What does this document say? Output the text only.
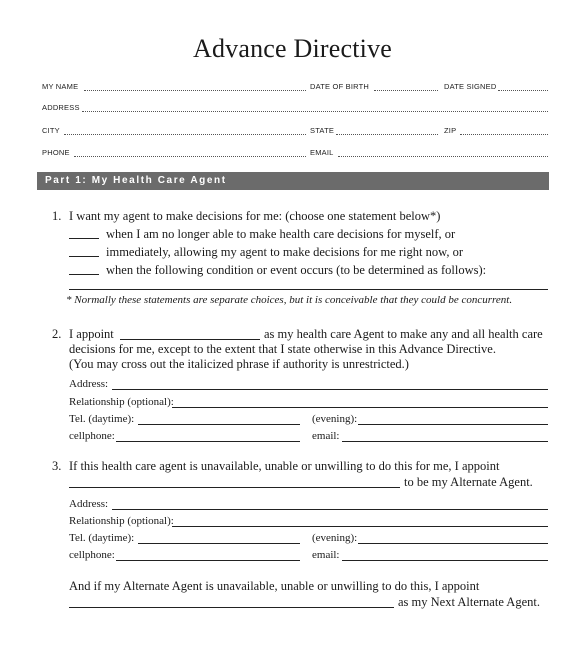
Advance Directive
MY NAME	DATE OF BIRTH	DATE SIGNED
ADDRESS
CITY	STATE	ZIP
PHONE	EMAIL
Part 1: My Health Care Agent
1. I want my agent to make decisions for me: (choose one statement below*)
when I am no longer able to make health care decisions for myself, or
immediately, allowing my agent to make decisions for me right now, or
when the following condition or event occurs (to be determined as follows):
* Normally these statements are separate choices, but it is conceivable that they could be concurrent.
2. I appoint	as my health care Agent to make any and all health care
decisions for me, except to the extent that I state otherwise in this Advance Directive.
(You may cross out the italicized phrase if authority is unrestricted.)
Address:
Relationship (optional):
Tel. (daytime):	(evening):
cellphone:	email:
3. If this health care agent is unavailable, unable or unwilling to do this for me, I appoint
to be my Alternate Agent.
Address:
Relationship (optional):
Tel. (daytime):	(evening):
cellphone:	email:
And if my Alternate Agent is unavailable, unable or unwilling to do this, I appoint
as my Next Alternate Agent.
